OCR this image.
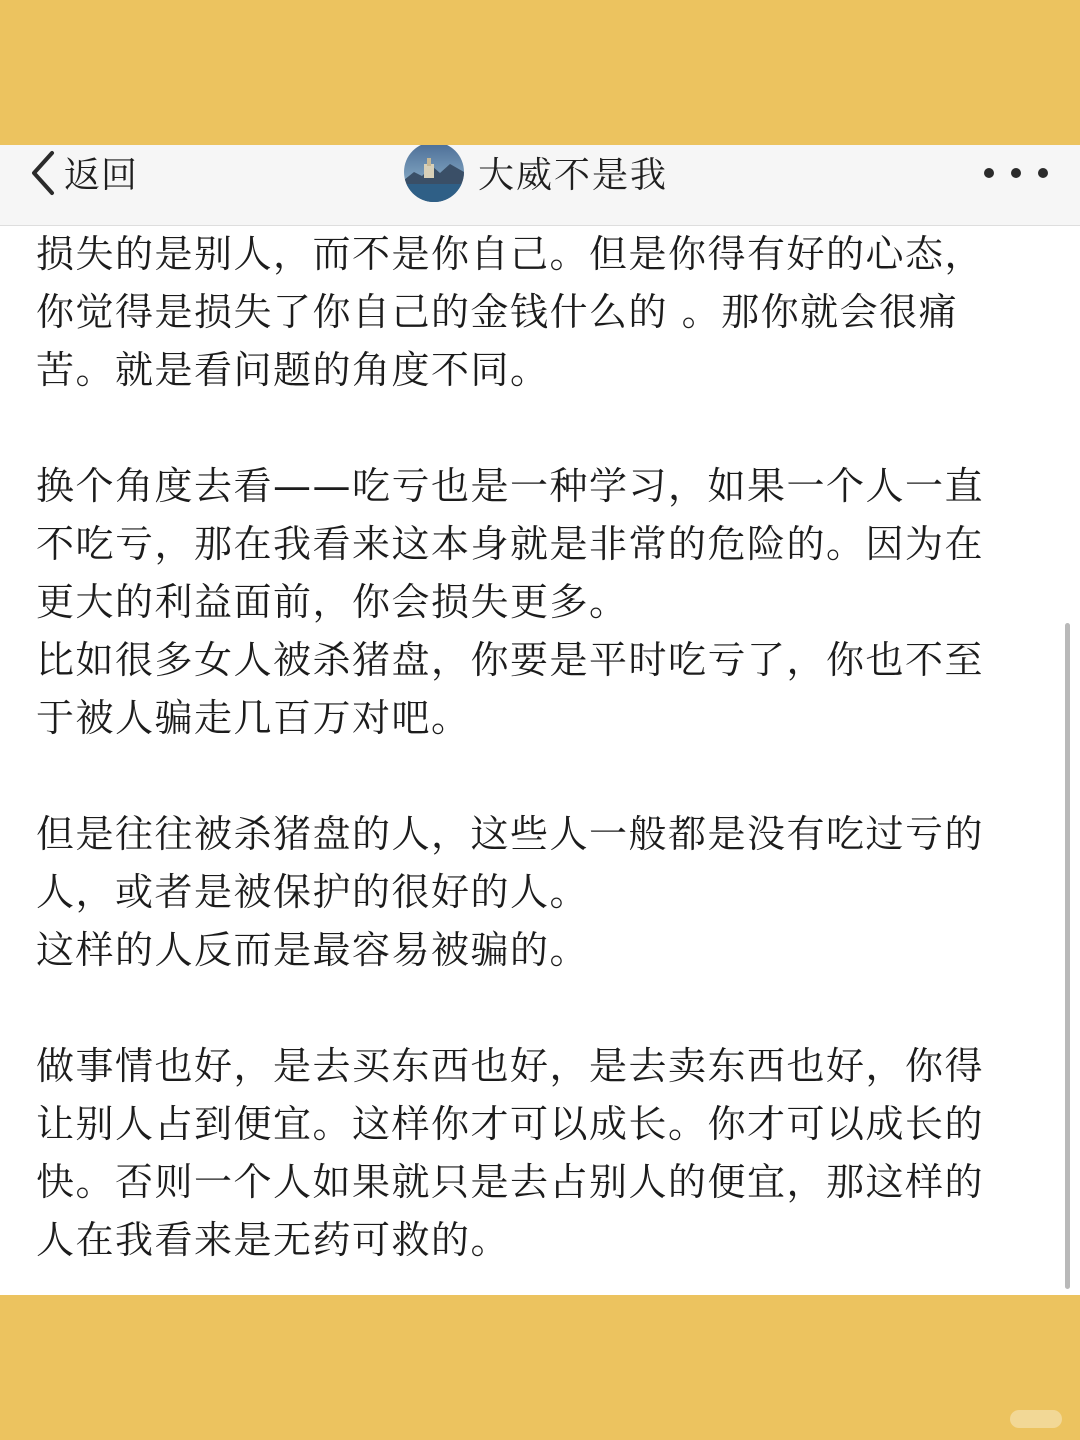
返回	大威不是我

损失的是别人，而不是你自己。但是你得有好的心态，
你觉得是损失了你自己的金钱什么的 。那你就会很痛
苦。就是看问题的角度不同。

换个角度去看——吃亏也是一种学习，如果一个人一直
不吃亏，那在我看来这本身就是非常的危险的。因为在
更大的利益面前，你会损失更多。
比如很多女人被杀猪盘，你要是平时吃亏了，你也不至
于被人骗走几百万对吧。

但是往往被杀猪盘的人，这些人一般都是没有吃过亏的
人，或者是被保护的很好的人。
这样的人反而是最容易被骗的。

做事情也好，是去买东西也好，是去卖东西也好，你得
让别人占到便宜。这样你才可以成长。你才可以成长的
快。否则一个人如果就只是去占别人的便宜，那这样的
人在我看来是无药可救的。
